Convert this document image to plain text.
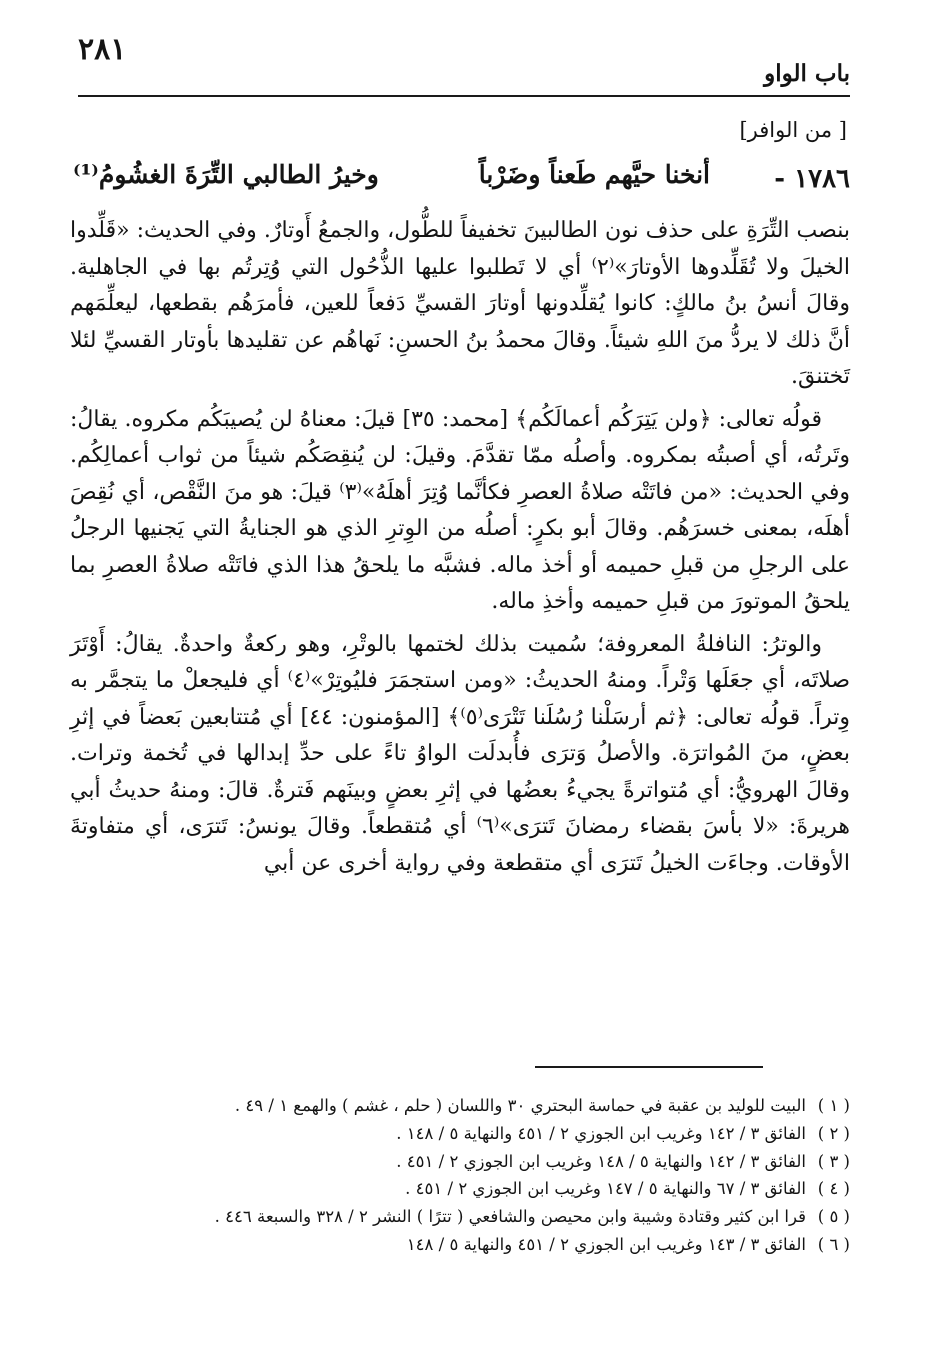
٢٨١
باب الواو
[ من الوافر]
١٧٨٦ -
أنخنا حيَّهم طَعناً وضَرْباً
وخيرُ الطالبي التِّرَةَ الغشُومُ⁽¹⁾

بنصب التِّرَةِ على حذف نون الطالبينَ تخفيفاً للطُّول، والجمعُ أَوتارٌ. وفي الحديث: «قَلِّدوا الخيلَ ولا تُقَلِّدوها الأوتارَ»⁽٢⁾ أي لا تَطلبوا عليها الذُّحُول التي وُتِرتُم بها في الجاهلية. وقالَ أنسُ بنُ مالكٍ: كانوا يُقلِّدونها أوتارَ القسيِّ دَفعاً للعين، فأمرَهُم بقطعها، ليعلِّمَهم أنَّ ذلك لا يردُّ منَ اللهِ شيئاً. وقالَ محمدُ بنُ الحسنِ: نَهاهُم عن تقليدها بأوتار القسيِّ لئلا تَختنقَ.

قولُه تعالى: ﴿ولن يَتِرَكُم أعمالَكُم﴾ [محمد: ٣٥] قيلَ: معناهُ لن يُصيبَكُم مكروه. يقالُ: وتَرتُه، أي أصبتُه بمكروه. وأصلُه ممّا تقدَّمَ. وقيلَ: لن يُنقِصَكُم شيئاً من ثواب أعمالِكُم. وفي الحديث: «من فاتَتْه صلاةُ العصرِ فكأنَّما وُتِرَ أهلَهُ»⁽٣⁾ قيلَ: هو منَ النَّقْص، أي نُقِصَ أهلَه، بمعنى خسرَهُم. وقالَ أبو بكرٍ: أصلُه من الوِترِ الذي هو الجنايةُ التي يَجنيها الرجلُ على الرجلِ من قبلِ حميمه أو أخذ ماله. فشبَّه ما يلحقُ هذا الذي فاتَتْه صلاةُ العصرِ بما يلحقُ الموتورَ من قبلِ حميمه وأخذِ ماله.

والوترُ: النافلةُ المعروفة؛ سُميت بذلك لختمها بالوتْرِ، وهو ركعةٌ واحدةٌ. يقالُ: أَوْتَرَ صلاتَه، أي جعَلَها وَتْراً. ومنهُ الحديثُ: «ومن استجمَرَ فليُوتِرْ»⁽٤⁾ أي فليجعلْ ما يتجمَّر به وِتراً. قولُه تعالى: ﴿ثم أرسَلْنا رُسُلَنا تَتْرَى⁽٥⁾﴾ [المؤمنون: ٤٤] أي مُتتابعين بَعضاً في إثرِ بعضٍ، منَ المُواترَة. والأصلُ وَترَى فأُبدلَت الواوُ تاءً على حدِّ إبدالها في تُخمة وترات. وقالَ الهرويُّ: أي مُتواترةً يجيءُ بعضُها في إثرِ بعضٍ وبينَهم فَترةٌ. قالَ: ومنهُ حديثُ أبي هريرةَ: «لا بأسَ بقضاء رمضانَ تَترَى»⁽٦⁾ أي مُتقطعاً. وقالَ يونسُ: تَترَى، أي متفاوتةَ الأوقات. وجاءَت الخيلُ تَترَى أي متقطعة وفي رواية أخرى عن أبي

( ١ )
البيت للوليد بن عقبة في حماسة البحتري ٣٠ واللسان ( حلم ، غشم ) والهمع ١ / ٤٩ .
( ٢ )
الفائق ٣ / ١٤٢ وغريب ابن الجوزي ٢ / ٤٥١ والنهاية ٥ / ١٤٨ .
( ٣ )
الفائق ٣ / ١٤٢ والنهاية ٥ / ١٤٨ وغريب ابن الجوزي ٢ / ٤٥١ .
( ٤ )
الفائق ٣ / ٦٧ والنهاية ٥ / ١٤٧ وغريب ابن الجوزي ٢ / ٤٥١ .
( ٥ )
قرا ابن كثير وقتادة وشيبة وابن محيصن والشافعي ( تترًا ) النشر ٢ / ٣٢٨ والسبعة ٤٤٦ .
( ٦ )
الفائق ٣ / ١٤٣ وغريب ابن الجوزي ٢ / ٤٥١ والنهاية ٥ / ١٤٨
